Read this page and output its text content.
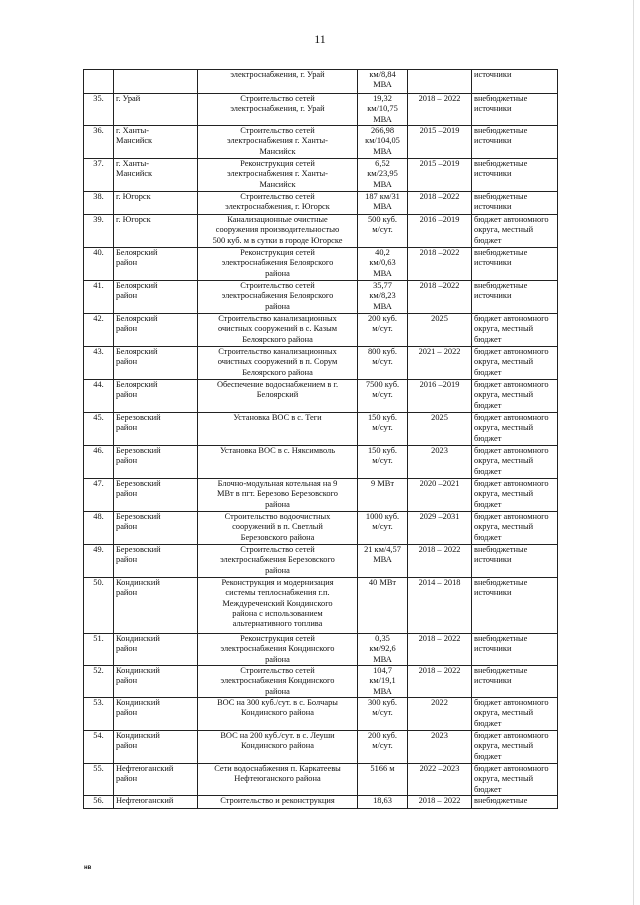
11
		электроснабжения, г. Урай	км/8,84
МВА		источники
35.	г. Урай	Строительство сетей
электроснабжения, г. Урай	19,32
км/10,75
МВА	2018 – 2022	внебюджетные
источники
36.	г. Ханты-
Мансийск	Строительство сетей
электроснабжения г. Ханты-
Мансийск	266,98
км/104,05
МВА	2015 –2019	внебюджетные
источники
37.	г. Ханты-
Мансийск	Реконструкция сетей
электроснабжения г. Ханты-
Мансийск	6,52
км/23,95
МВА	2015 –2019	внебюджетные
источники
38.	г. Югорск	Строительство сетей
электроснабжения, г. Югорск	187 км/31
МВА	2018 –2022	внебюджетные
источники
39.	г. Югорск	Канализационные очистные
сооружения производительностью
500 куб. м в сутки в городе Югорске	500 куб.
м/сут.	2016 –2019	бюджет автономного
округа, местный
бюджет
40.	Белоярский
район	Реконструкция сетей
электроснабжения Белоярского
района	40,2
км/0,63
МВА	2018 –2022	внебюджетные
источники
41.	Белоярский
район	Строительство сетей
электроснабжения Белоярского
района	35,77
км/8,23
МВА	2018 –2022	внебюджетные
источники
42.	Белоярский
район	Строительство канализационных
очистных сооружений в с. Казым
Белоярского района	200 куб.
м/сут.	2025	бюджет автономного
округа, местный
бюджет
43.	Белоярский
район	Строительство канализационных
очистных сооружений в п. Сорум
Белоярского района	800 куб.
м/сут.	2021 – 2022	бюджет автономного
округа, местный
бюджет
44.	Белоярский
район	Обеспечение водоснабжением в г.
Белоярский	7500 куб.
м/сут.	2016 –2019	бюджет автономного
округа, местный
бюджет
45.	Березовский
район	Установка ВОС в с. Теги	150 куб.
м/сут.	2025	бюджет автономного
округа, местный
бюджет
46.	Березовский
район	Установка ВОС в с. Няксимволь	150 куб.
м/сут.	2023	бюджет автономного
округа, местный
бюджет
47.	Березовский
район	Блочно-модульная котельная на 9
МВт в пгт. Березово Березовского
района	9 МВт	2020 –2021	бюджет автономного
округа, местный
бюджет
48.	Березовский
район	Строительство водоочистных
сооружений в п. Светлый
Березовского района	1000 куб.
м/сут.	2029 –2031	бюджет автономного
округа, местный
бюджет
49.	Березовский
район	Строительство сетей
электроснабжения Березовского
района	21 км/4,57
МВА	2018 – 2022	внебюджетные
источники
50.	Кондинский
район	Реконструкция и модернизация
системы теплоснабжения г.п.
Междуреченский Кондинского
района с использованием
альтернативного топлива	40 МВт	2014 – 2018	внебюджетные
источники
51.	Кондинский
район	Реконструкция сетей
электроснабжения Кондинского
района	0,35
км/92,6
МВА	2018 – 2022	внебюджетные
источники
52.	Кондинский
район	Строительство сетей
электроснабжения Кондинского
района	104,7
км/19,1
МВА	2018 – 2022	внебюджетные
источники
53.	Кондинский
район	ВОС на 300 куб./сут. в с. Болчары
Кондинского района	300 куб.
м/сут.	2022	бюджет автономного
округа, местный
бюджет
54.	Кондинский
район	ВОС на 200 куб./сут. в с. Леуши
Кондинского района	200 куб.
м/сут.	2023	бюджет автономного
округа, местный
бюджет
55.	Нефтеюганский
район	Сети водоснабжения п. Каркатеевы
Нефтеюганского района	5166 м	2022 –2023	бюджет автономного
округа, местный
бюджет
56.	Нефтеюганский	Строительство и реконструкция	18,63	2018 – 2022	внебюджетные
нв
